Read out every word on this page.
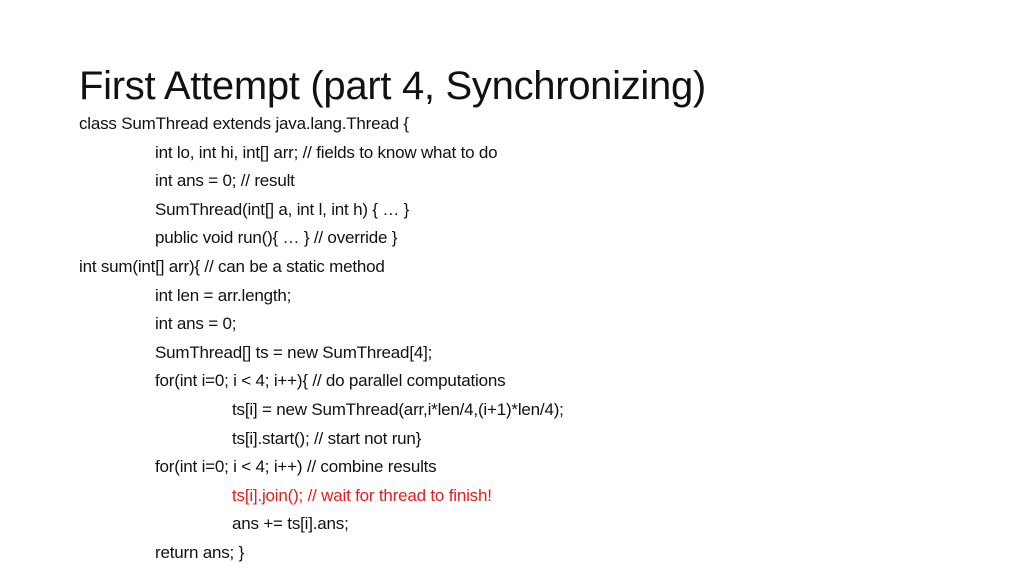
First Attempt (part 4, Synchronizing)
class SumThread extends java.lang.Thread {
int lo, int hi, int[] arr; // fields to know what to do
int ans = 0; // result
SumThread(int[] a, int l, int h) { … }
public void run(){ … } // override }
int sum(int[] arr){ // can be a static method
int len = arr.length;
int ans = 0;
SumThread[] ts = new SumThread[4];
for(int i=0; i < 4; i++){ // do parallel computations
ts[i] = new SumThread(arr,i*len/4,(i+1)*len/4);
ts[i].start(); // start not run}
for(int i=0; i < 4; i++) // combine results
ts[i].join(); // wait for thread to finish!
ans += ts[i].ans;
return ans; }
